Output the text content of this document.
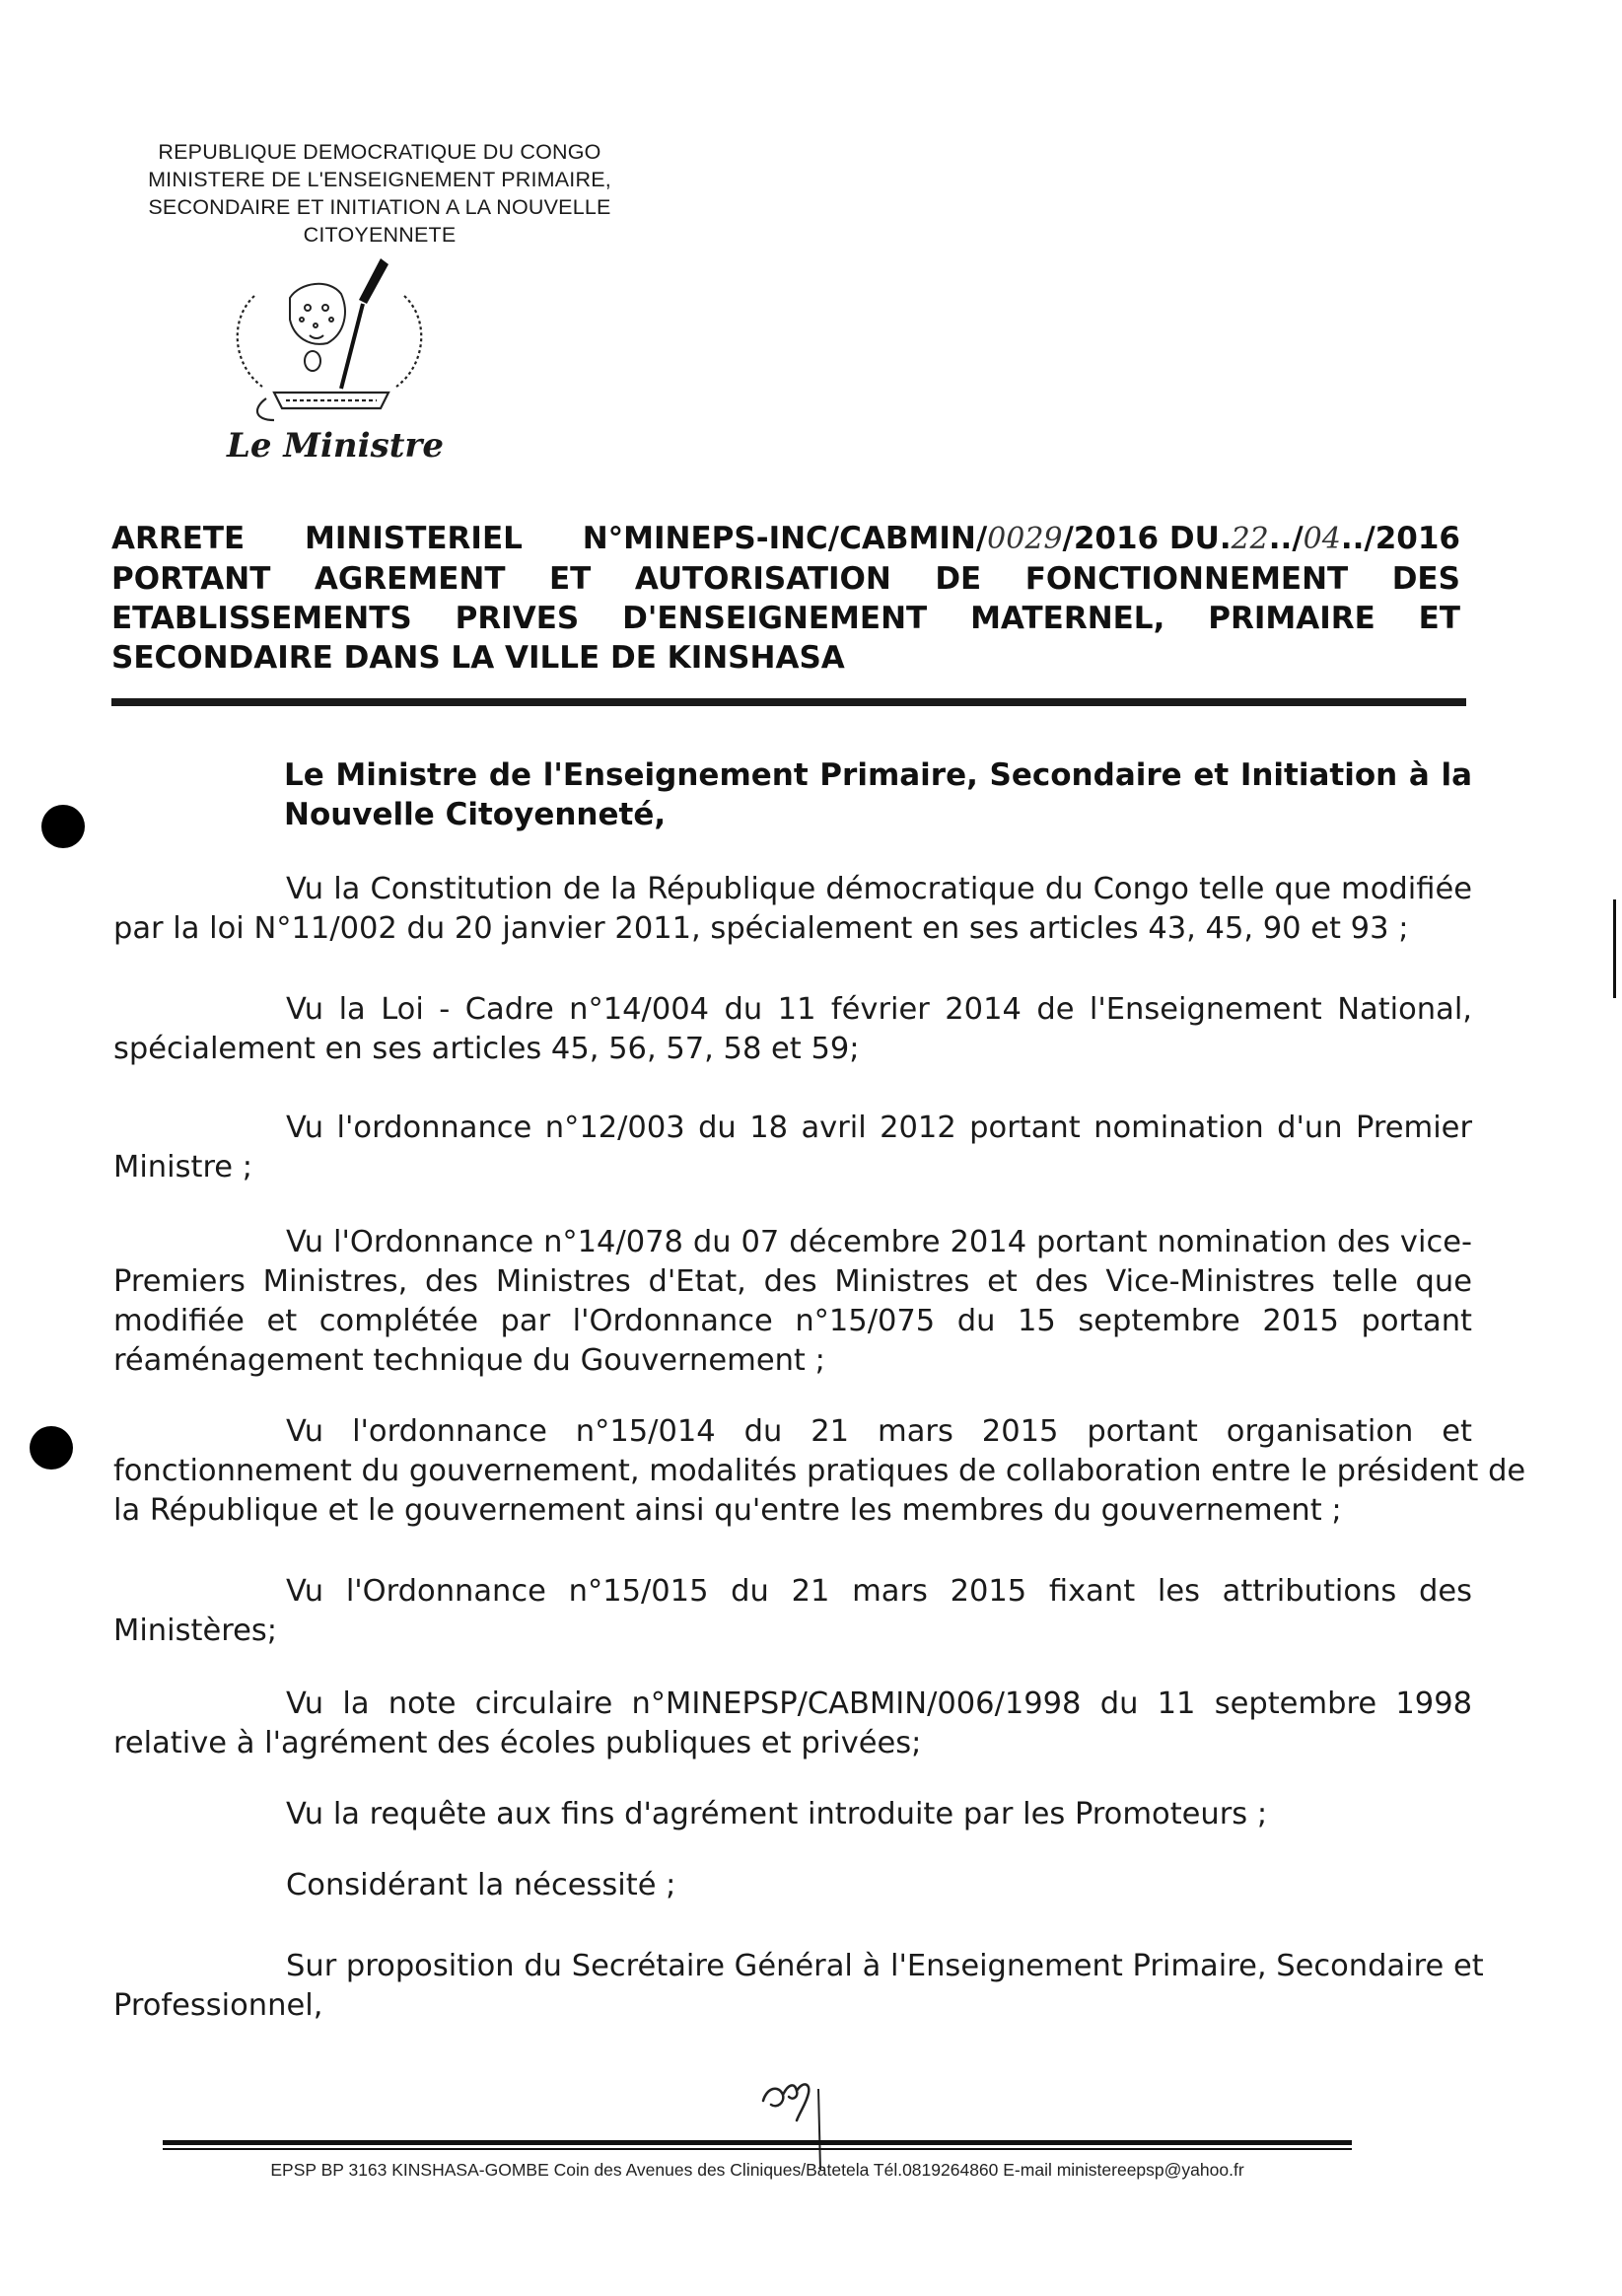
REPUBLIQUE DEMOCRATIQUE DU CONGO
MINISTERE DE L'ENSEIGNEMENT PRIMAIRE,
SECONDAIRE ET INITIATION A LA NOUVELLE
CITOYENNETE
Le Ministre
ARRETE MINISTERIEL N°MINEPS-INC/CABMIN/0029/2016 DU.22../04../2016
PORTANT AGREMENT ET AUTORISATION DE FONCTIONNEMENT DES
ETABLISSEMENTS PRIVES D'ENSEIGNEMENT MATERNEL, PRIMAIRE ET
SECONDAIRE DANS LA VILLE DE KINSHASA
Le Ministre de l'Enseignement Primaire, Secondaire et Initiation à la
Nouvelle Citoyenneté,
Vu la Constitution de la République démocratique du Congo telle que modifiée
par la loi N°11/002 du 20 janvier 2011, spécialement en ses articles 43, 45, 90 et 93 ;
Vu la Loi - Cadre n°14/004 du 11 février 2014 de l'Enseignement National,
spécialement en ses articles 45, 56, 57, 58 et 59;
Vu l'ordonnance n°12/003 du 18 avril 2012 portant nomination d'un Premier
Ministre ;
Vu l'Ordonnance n°14/078 du 07 décembre 2014 portant nomination des vice-
Premiers Ministres, des Ministres d'Etat, des Ministres et des Vice-Ministres telle que
modifiée et complétée par l'Ordonnance n°15/075 du 15 septembre 2015 portant
réaménagement technique du Gouvernement ;
Vu l'ordonnance n°15/014 du 21 mars 2015 portant organisation et
fonctionnement du gouvernement, modalités pratiques de collaboration entre le président de
la République et le gouvernement ainsi qu'entre les membres du gouvernement ;
Vu l'Ordonnance n°15/015 du 21 mars 2015 fixant les attributions des
Ministères;
Vu la note circulaire n°MINEPSP/CABMIN/006/1998 du 11 septembre 1998
relative à l'agrément des écoles publiques et privées;
Vu la requête aux fins d'agrément introduite par les Promoteurs ;
Considérant la nécessité ;
Sur proposition du Secrétaire Général à l'Enseignement Primaire, Secondaire et
Professionnel,
EPSP BP 3163 KINSHASA-GOMBE Coin des Avenues des Cliniques/Batetela Tél.0819264860 E-mail ministereepsp@yahoo.fr
